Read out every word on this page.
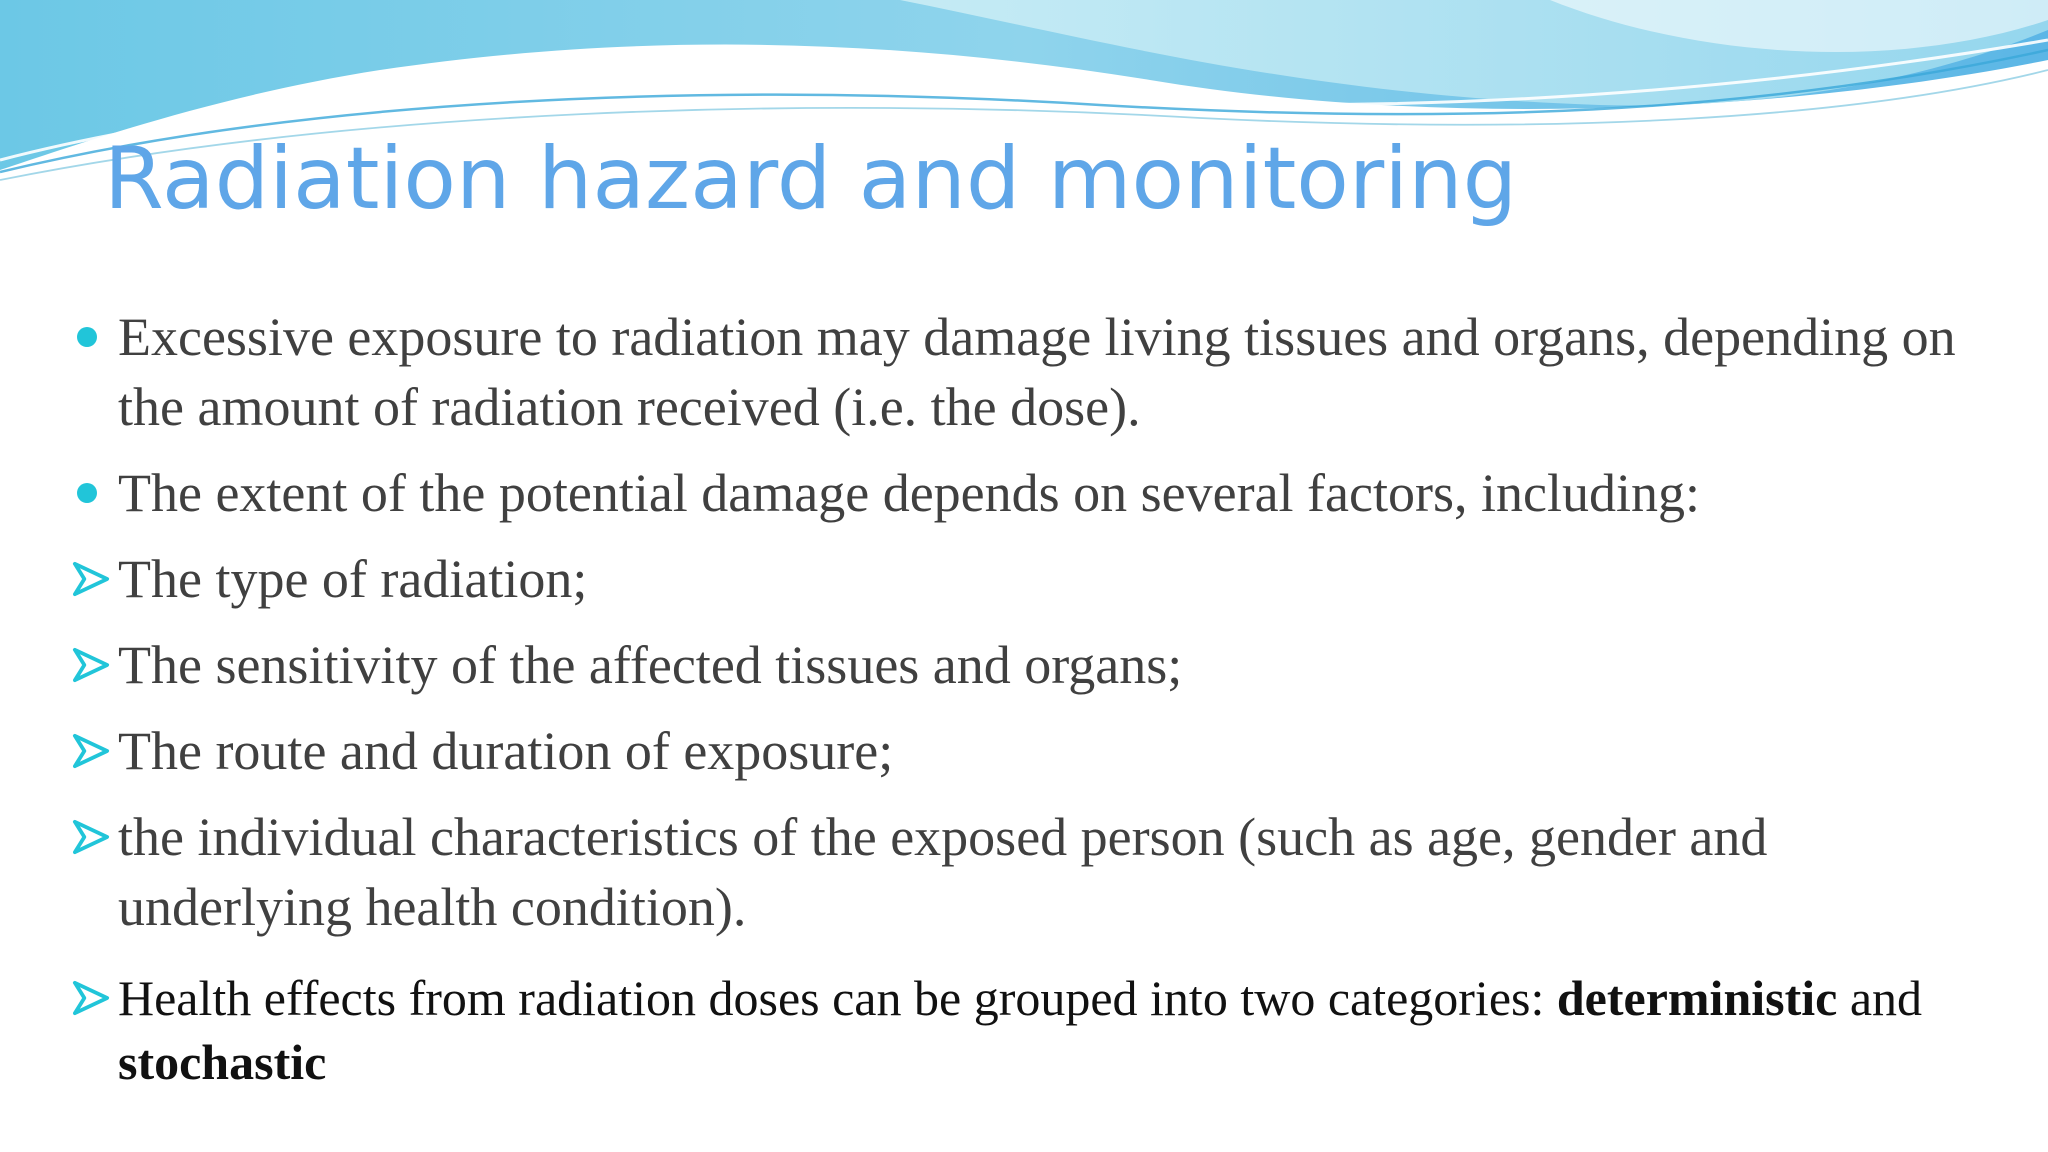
Radiation hazard and monitoring
Excessive exposure to radiation may damage living tissues and organs, depending on the amount of radiation received (i.e. the dose).
The extent of the potential damage depends on several factors, including:
The type of radiation;
The sensitivity of the affected tissues and organs;
The route and duration of exposure;
the individual characteristics of the exposed person (such as age, gender and underlying health condition).
Health effects from radiation doses can be grouped into two categories: deterministic and stochastic
